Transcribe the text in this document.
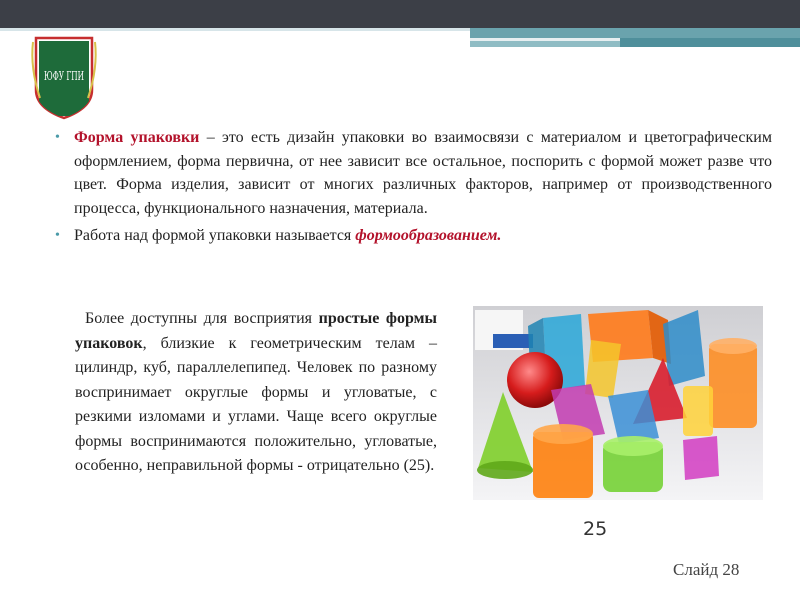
ЮФУ ГПИ
• Форма упаковки – это есть дизайн упаковки во взаимосвязи с материалом и цветографическим оформлением, форма первична, от нее зависит все остальное, поспорить с формой может разве что цвет. Форма изделия, зависит от многих различных факторов, например от производственного процесса, функционального назначения, материала.
• Работа над формой упаковки называется формообразованием.

Более доступны для восприятия простые формы упаковок, близкие к геометрическим телам – цилиндр, куб, параллелепипед. Человек по разному воспринимает округлые формы и угловатые, с резкими изломами и углами. Чаще всего округлые формы воспринимаются положительно, угловатые, особенно, неправильной формы - отрицательно (25).

25
Слайд 28
